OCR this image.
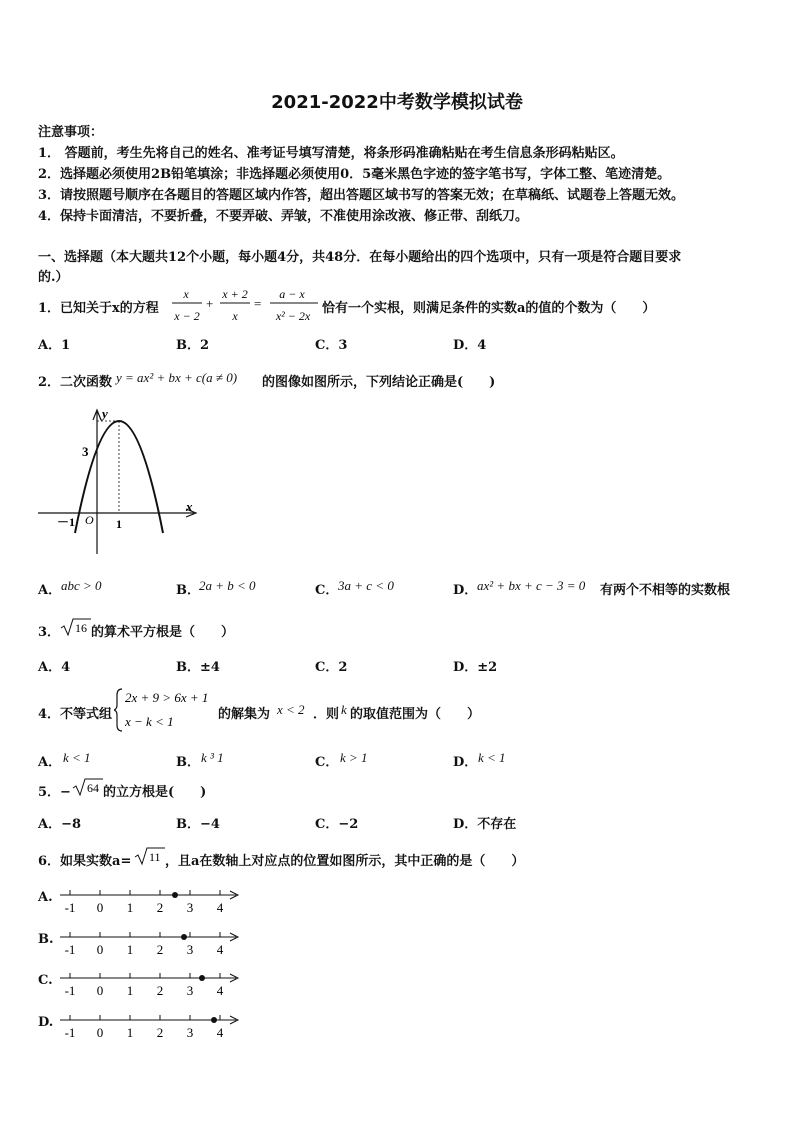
2021-2022中考数学模拟试卷
注意事项：
1． 答题前，考生先将自己的姓名、准考证号填写清楚，将条形码准确粘贴在考生信息条形码粘贴区。
2．选择题必须使用2B铅笔填涂；非选择题必须使用0．5毫米黑色字迹的签字笔书写，字体工整、笔迹清楚。
3．请按照题号顺序在各题目的答题区域内作答，超出答题区域书写的答案无效；在草稿纸、试题卷上答题无效。
4．保持卡面清洁，不要折叠，不要弄破、弄皱，不准使用涂改液、修正带、刮纸刀。
一、选择题（本大题共12个小题，每小题4分，共48分．在每小题给出的四个选项中，只有一项是符合题目要求
的.）
1．已知关于x的方程
x
x − 2
+
x + 2
x
=
a − x
x² − 2x 恰有一个实根，则满足条件的实数a的值的个数为（　　）
A．1	B．2	C．3	D．4
2．二次函数 y = ax² + bx + c(a ≠ 0) 的图像如图所示，下列结论正确是(　　)
y
x
3
－1 O 1
A． abc > 0	B． 2a + b < 0	C． 3a + c < 0	D． ax² + bx + c − 3 = 0 有两个不相等的实数根
3． 16 的算术平方根是（　　）
A．4	B．±4	C．2	D．±2
4．不等式组
2x + 9 > 6x + 1
x − k < 1	的解集为 x < 2 ．则 k 的取值范围为（　　）
A． k < 1	B． k ³ 1	C． k > 1	D． k < 1
5．− 64 的立方根是(　　)
A．−8	B．−4	C．−2	D．不存在
6．如果实数a= 11 ，且a在数轴上对应点的位置如图所示，其中正确的是（　　）
A.
-1 0 1 2 3 4
B.
-1 0 1 2 3 4
C.
-1 0 1 2 3 4
D.
-1 0 1 2 3 4
